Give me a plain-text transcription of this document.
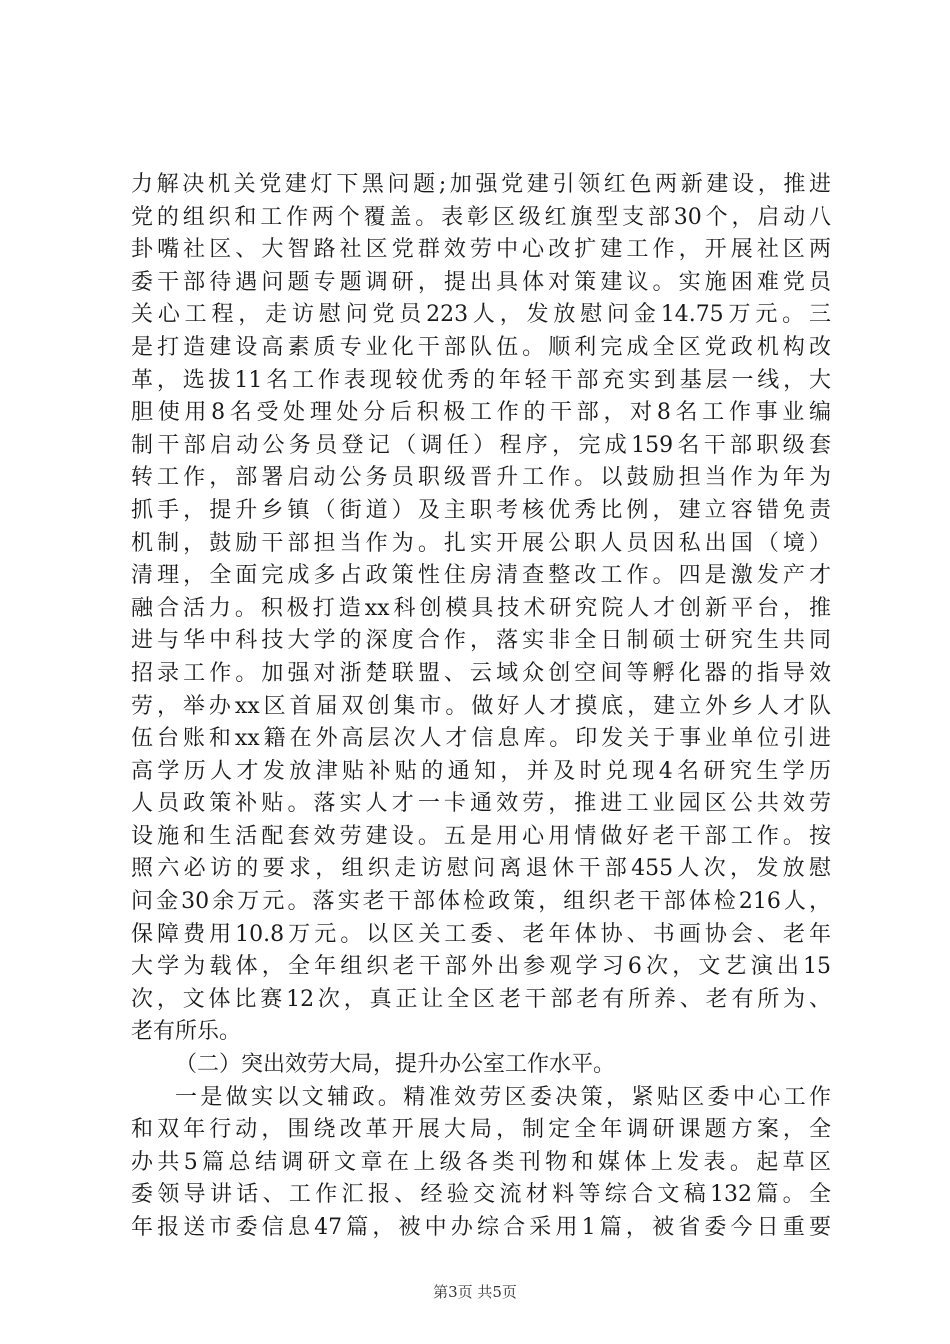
力解决机关党建灯下黑问题;加强党建引领红色两新建设，推进
党的组织和工作两个覆盖。表彰区级红旗型支部30个，启动八
卦嘴社区、大智路社区党群效劳中心改扩建工作，开展社区两
委干部待遇问题专题调研，提出具体对策建议。实施困难党员
关心工程，走访慰问党员223人，发放慰问金14.75万元。三
是打造建设高素质专业化干部队伍。顺利完成全区党政机构改
革，选拔11名工作表现较优秀的年轻干部充实到基层一线，大
胆使用8名受处理处分后积极工作的干部，对8名工作事业编
制干部启动公务员登记（调任）程序，完成159名干部职级套
转工作，部署启动公务员职级晋升工作。以鼓励担当作为年为
抓手，提升乡镇（街道）及主职考核优秀比例，建立容错免责
机制，鼓励干部担当作为。扎实开展公职人员因私出国（境）
清理，全面完成多占政策性住房清查整改工作。四是激发产才
融合活力。积极打造xx科创模具技术研究院人才创新平台，推
进与华中科技大学的深度合作，落实非全日制硕士研究生共同
招录工作。加强对浙楚联盟、云域众创空间等孵化器的指导效
劳，举办xx区首届双创集市。做好人才摸底，建立外乡人才队
伍台账和xx籍在外高层次人才信息库。印发关于事业单位引进
高学历人才发放津贴补贴的通知，并及时兑现4名研究生学历
人员政策补贴。落实人才一卡通效劳，推进工业园区公共效劳
设施和生活配套效劳建设。五是用心用情做好老干部工作。按
照六必访的要求，组织走访慰问离退休干部455人次，发放慰
问金30余万元。落实老干部体检政策，组织老干部体检216人，
保障费用10.8万元。以区关工委、老年体协、书画协会、老年
大学为载体，全年组织老干部外出参观学习6次，文艺演出15
次，文体比赛12次，真正让全区老干部老有所养、老有所为、
老有所乐。
（二）突出效劳大局，提升办公室工作水平。
一是做实以文辅政。精准效劳区委决策，紧贴区委中心工作
和双年行动，围绕改革开展大局，制定全年调研课题方案，全
办共5篇总结调研文章在上级各类刊物和媒体上发表。起草区
委领导讲话、工作汇报、经验交流材料等综合文稿132篇。全
年报送市委信息47篇，被中办综合采用1篇，被省委今日重要
第3页 共5页
